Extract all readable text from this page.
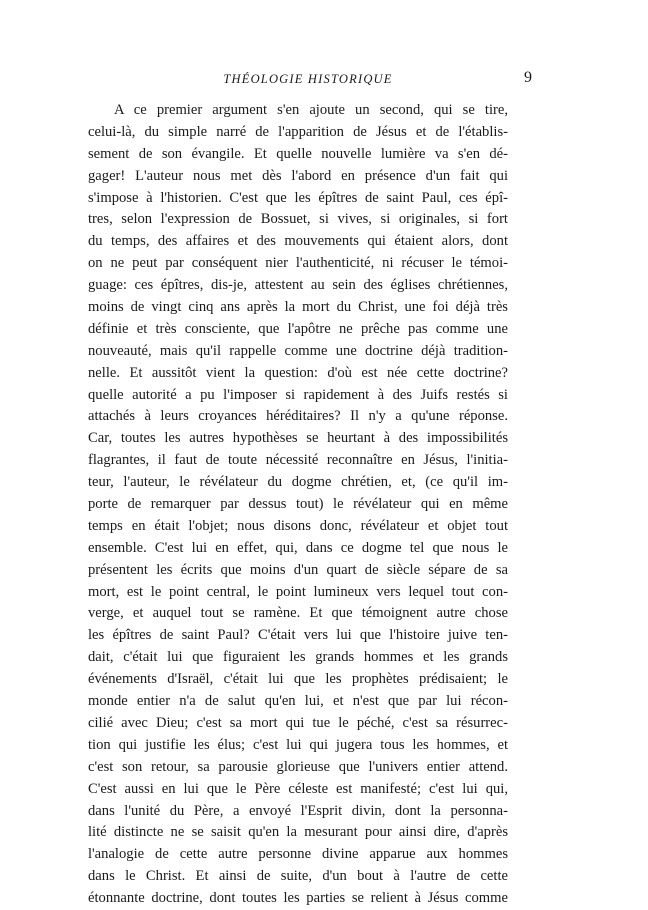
THÉOLOGIE HISTORIQUE	9
A ce premier argument s'en ajoute un second, qui se tire,
celui-là, du simple narré de l'apparition de Jésus et de l'établis-
sement de son évangile. Et quelle nouvelle lumière va s'en dé-
gager! L'auteur nous met dès l'abord en présence d'un fait qui
s'impose à l'historien. C'est que les épîtres de saint Paul, ces épî-
tres, selon l'expression de Bossuet, si vives, si originales, si fort
du temps, des affaires et des mouvements qui étaient alors, dont
on ne peut par conséquent nier l'authenticité, ni récuser le témoi-
guage: ces épîtres, dis-je, attestent au sein des églises chrétiennes,
moins de vingt cinq ans après la mort du Christ, une foi déjà très
définie et très consciente, que l'apôtre ne prêche pas comme une
nouveauté, mais qu'il rappelle comme une doctrine déjà tradition-
nelle. Et aussitôt vient la question: d'où est née cette doctrine?
quelle autorité a pu l'imposer si rapidement à des Juifs restés si
attachés à leurs croyances héréditaires? Il n'y a qu'une réponse.
Car, toutes les autres hypothèses se heurtant à des impossibilités
flagrantes, il faut de toute nécessité reconnaître en Jésus, l'initia-
teur, l'auteur, le révélateur du dogme chrétien, et, (ce qu'il im-
porte de remarquer par dessus tout) le révélateur qui en même
temps en était l'objet; nous disons donc, révélateur et objet tout
ensemble. C'est lui en effet, qui, dans ce dogme tel que nous le
présentent les écrits que moins d'un quart de siècle sépare de sa
mort, est le point central, le point lumineux vers lequel tout con-
verge, et auquel tout se ramène. Et que témoignent autre chose
les épîtres de saint Paul? C'était vers lui que l'histoire juive ten-
dait, c'était lui que figuraient les grands hommes et les grands
événements d'Israël, c'était lui que les prophètes prédisaient; le
monde entier n'a de salut qu'en lui, et n'est que par lui récon-
cilié avec Dieu; c'est sa mort qui tue le péché, c'est sa résurrec-
tion qui justifie les élus; c'est lui qui jugera tous les hommes, et
c'est son retour, sa parousie glorieuse que l'univers entier attend.
C'est aussi en lui que le Père céleste est manifesté; c'est lui qui,
dans l'unité du Père, a envoyé l'Esprit divin, dont la personna-
lité distincte ne se saisit qu'en la mesurant pour ainsi dire, d'après
l'analogie de cette autre personne divine apparue aux hommes
dans le Christ. Et ainsi de suite, d'un bout à l'autre de cette
étonnante doctrine, dont toutes les parties se relient à Jésus comme
